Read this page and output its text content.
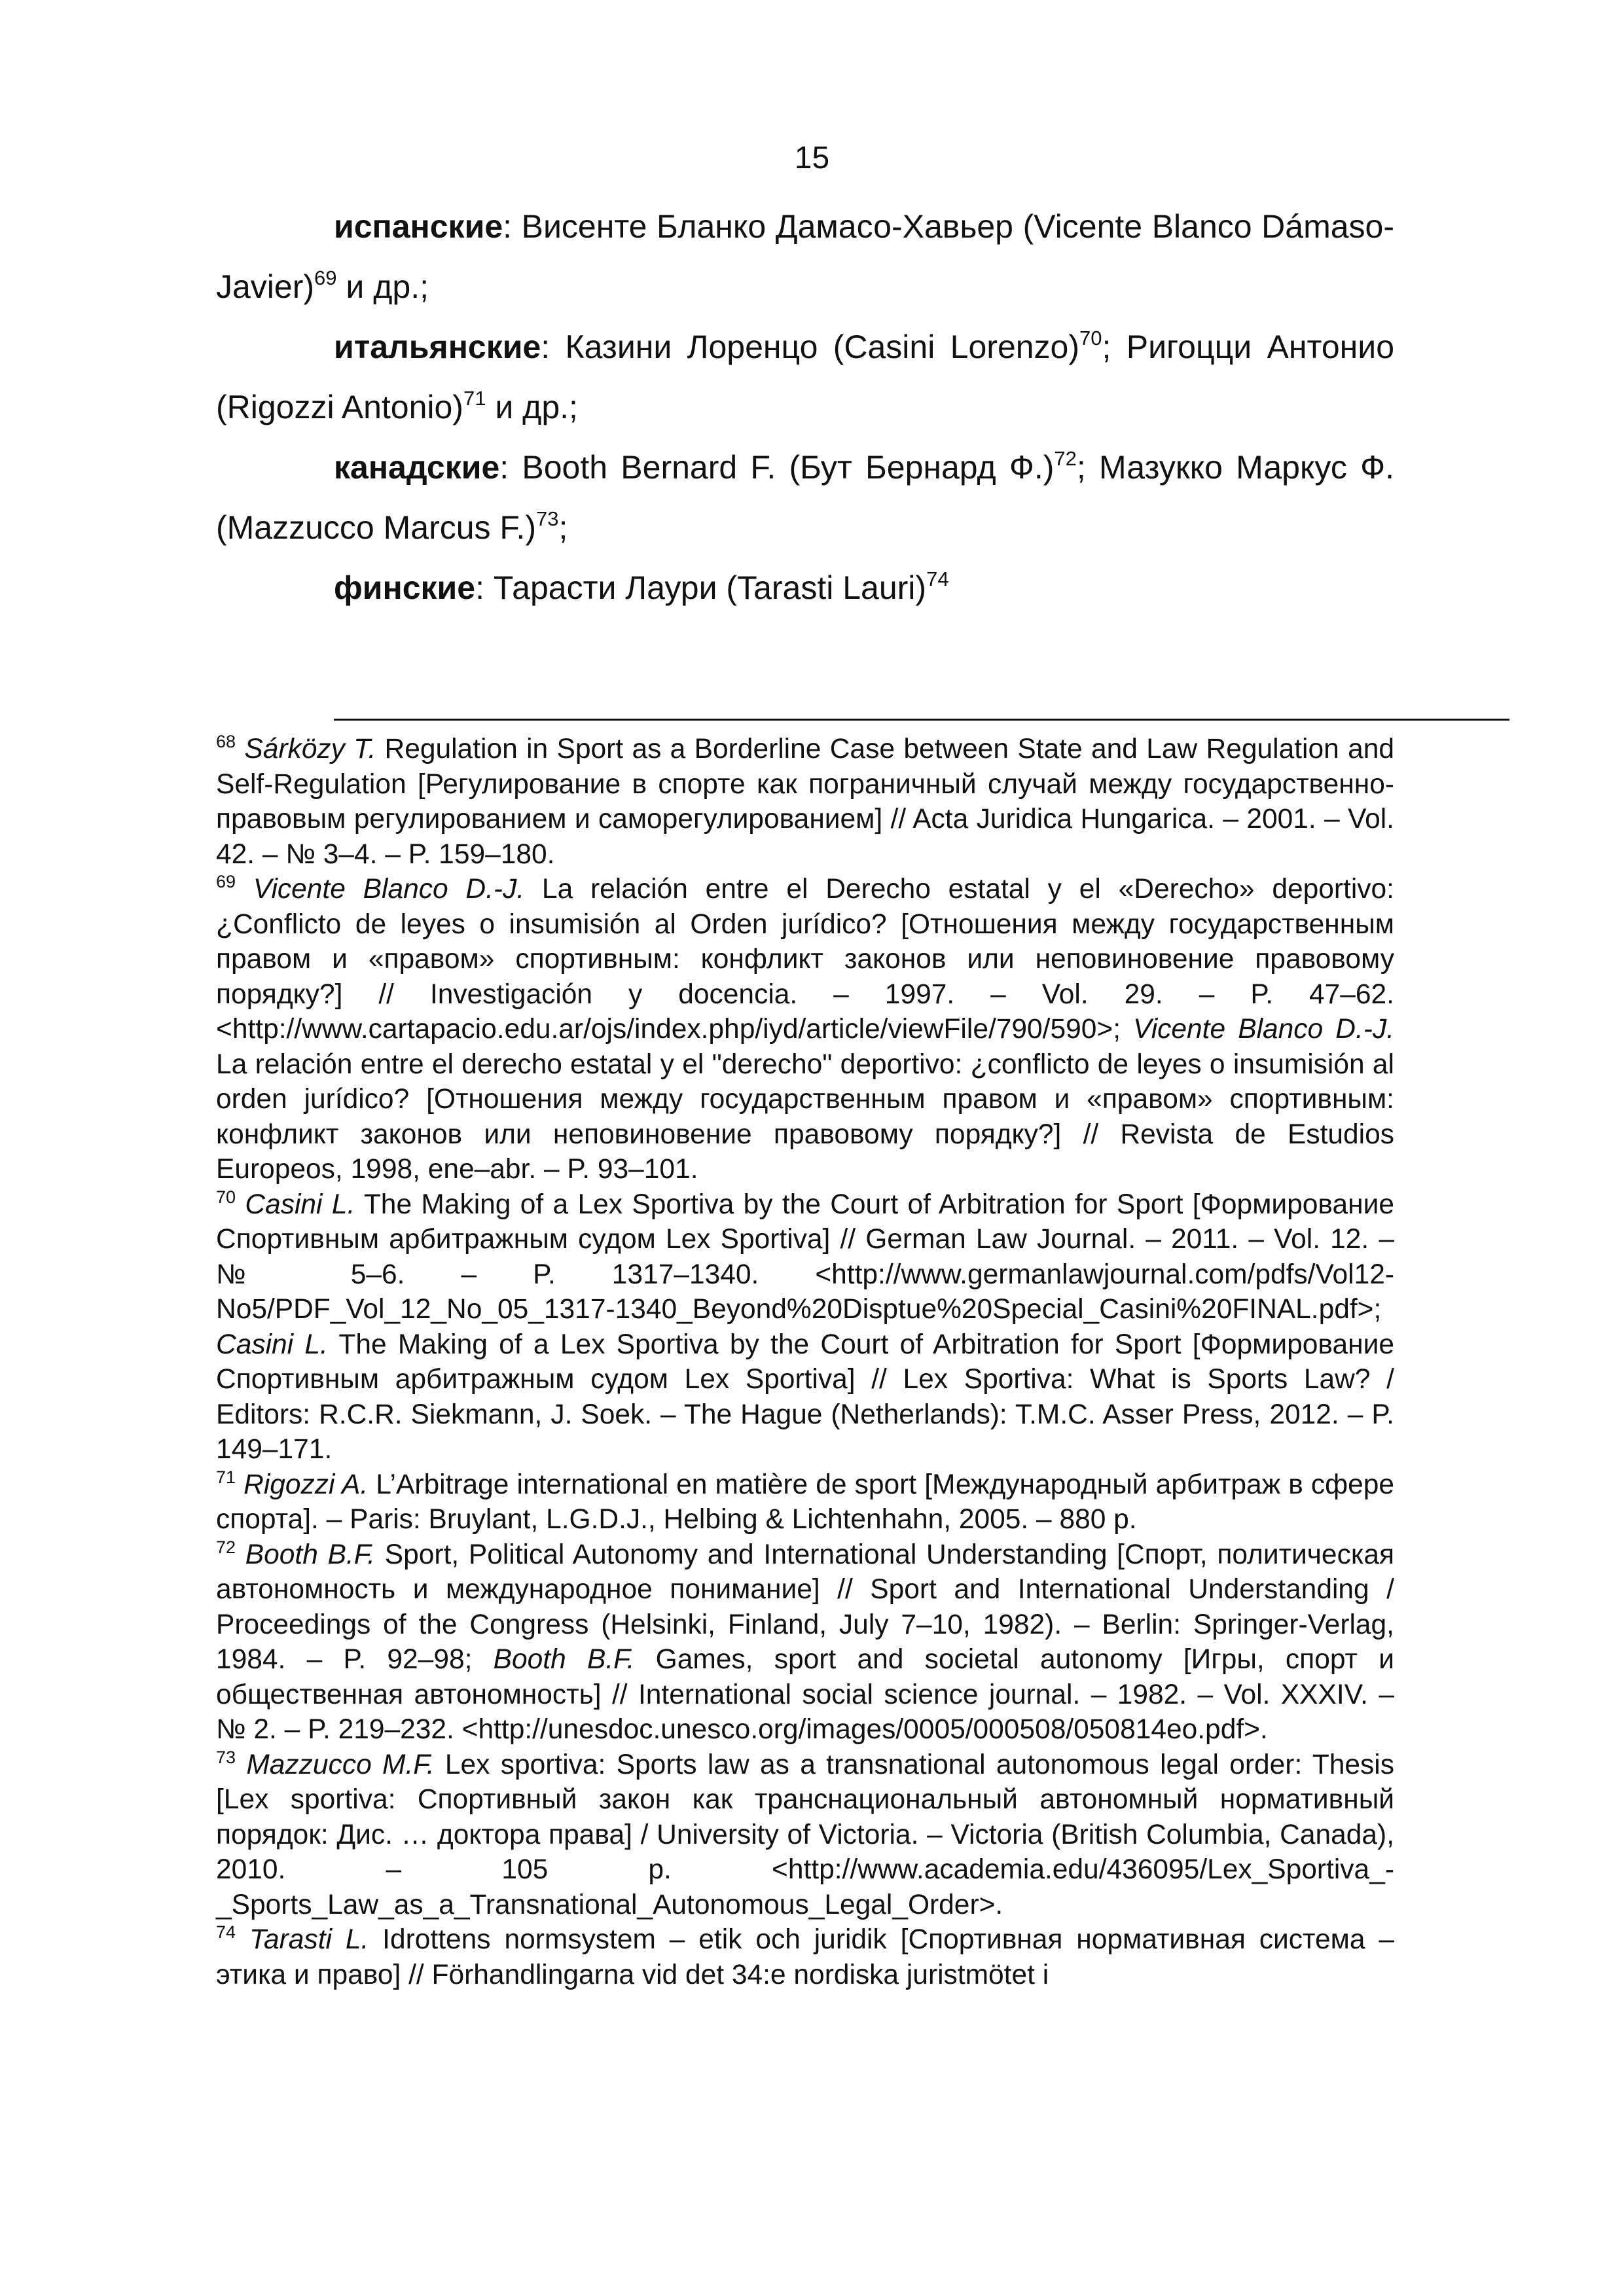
15

испанские: Висенте Бланко Дамасо-Хавьер (Vicente Blanco Dámaso-Javier)$^{69}$ и др.;

итальянские: Казини Лоренцо (Casini Lorenzo)$^{70}$; Ригоцци Антонио (Rigozzi Antonio)$^{71}$ и др.;

канадские: Booth Bernard F. (Бут Бернард Ф.)$^{72}$; Мазукко Маркус Ф. (Mazzucco Marcus F.)$^{73}$;

финские: Тарасти Лаури (Tarasti Lauri)$^{74}$

$^{68}$ Sárközy T. Regulation in Sport as a Borderline Case between State and Law Regulation and Self-Regulation [Регулирование в спорте как пограничный случай между государственно-правовым регулированием и саморегулированием] // Acta Juridica Hungarica. – 2001. – Vol. 42. – № 3–4. – P. 159–180.

$^{69}$ Vicente Blanco D.-J. La relación entre el Derecho estatal y el «Derecho» deportivo: ¿Conflicto de leyes o insumisión al Orden jurídico? [Отношения между государственным правом и «правом» спортивным: конфликт законов или неповиновение правовому порядку?] // Investigación y docencia. – 1997. – Vol. 29. – P. 47–62. <http://www.cartapacio.edu.ar/ojs/index.php/iyd/article/viewFile/790/590>; Vicente Blanco D.-J. La relación entre el derecho estatal y el "derecho" deportivo: ¿conflicto de leyes o insumisión al orden jurídico? [Отношения между государственным правом и «правом» спортивным: конфликт законов или неповиновение правовому порядку?] // Revista de Estudios Europeos, 1998, ene–abr. – P. 93–101.

$^{70}$ Casini L. The Making of a Lex Sportiva by the Court of Arbitration for Sport [Формирование Спортивным арбитражным судом Lex Sportiva] // German Law Journal. – 2011. – Vol. 12. – № 5–6. – P. 1317–1340. <http://www.germanlawjournal.com/pdfs/Vol12-No5/PDF_Vol_12_No_05_1317-1340_Beyond%20Disptue%20Special_Casini%20FINAL.pdf>; Casini L. The Making of a Lex Sportiva by the Court of Arbitration for Sport [Формирование Спортивным арбитражным судом Lex Sportiva] // Lex Sportiva: What is Sports Law? / Editors: R.C.R. Siekmann, J. Soek. – The Hague (Netherlands): T.M.C. Asser Press, 2012. – P. 149–171.

$^{71}$ Rigozzi A. L’Arbitrage international en matière de sport [Международный арбитраж в сфере спорта]. – Paris: Bruylant, L.G.D.J., Helbing & Lichtenhahn, 2005. – 880 p.

$^{72}$ Booth B.F. Sport, Political Autonomy and International Understanding [Спорт, политическая автономность и международное понимание] // Sport and International Understanding / Proceedings of the Congress (Helsinki, Finland, July 7–10, 1982). – Berlin: Springer-Verlag, 1984. – P. 92–98; Booth B.F. Games, sport and societal autonomy [Игры, спорт и общественная автономность] // International social science journal. – 1982. – Vol. XXXIV. – № 2. – P. 219–232. <http://unesdoc.unesco.org/images/0005/000508/050814eo.pdf>.

$^{73}$ Mazzucco M.F. Lex sportiva: Sports law as a transnational autonomous legal order: Thesis [Lex sportiva: Спортивный закон как транснациональный автономный нормативный порядок: Дис. … доктора права] / University of Victoria. – Victoria (British Columbia, Canada), 2010. – 105 p. <http://www.academia.edu/436095/Lex_Sportiva_-_Sports_Law_as_a_Transnational_Autonomous_Legal_Order>.

$^{74}$ Tarasti L. Idrottens normsystem – etik och juridik [Спортивная нормативная система – этика и право] // Förhandlingarna vid det 34:e nordiska juristmötet i
